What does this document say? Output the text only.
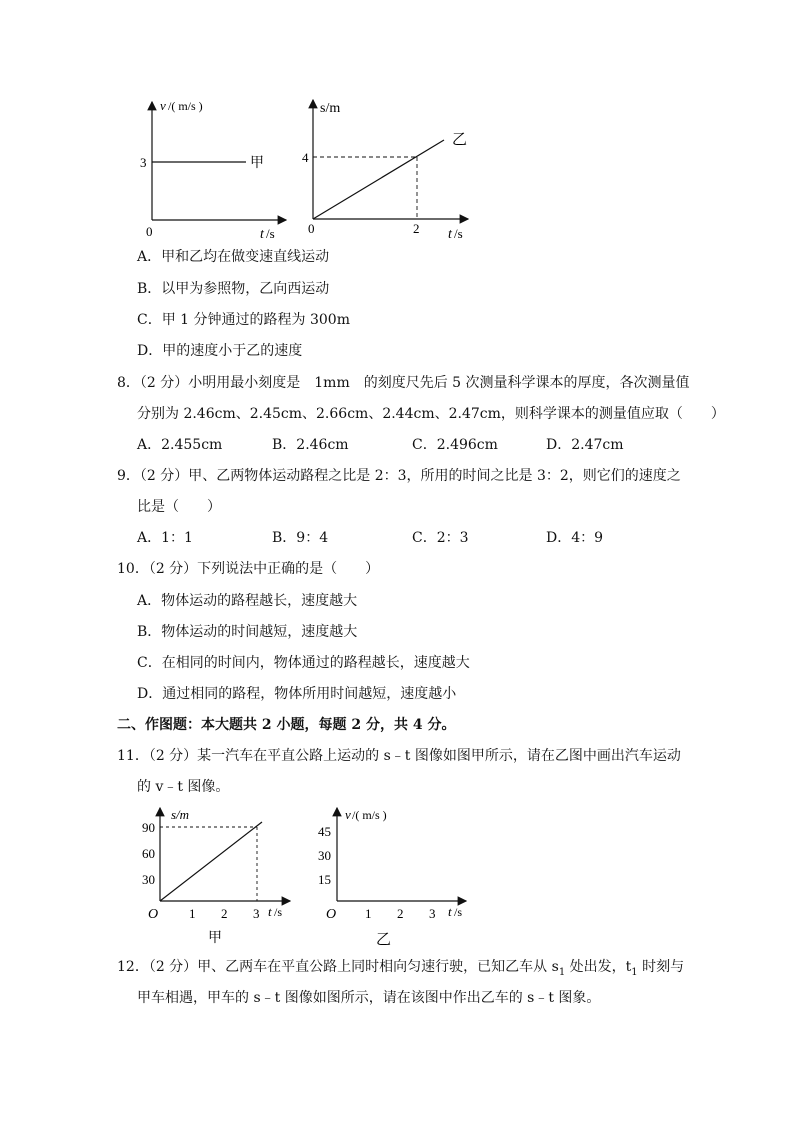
v /( m/s )
0
3	甲
t /s
s/m
4
乙
0	2 t /s
A．甲和乙均在做变速直线运动
B．以甲为参照物，乙向西运动
C．甲 1 分钟通过的路程为 300m
D．甲的速度小于乙的速度
8．（2 分）小明用最小刻度是　1mm　的刻度尺先后 5 次测量科学课本的厚度，各次测量值
分别为 2.46cm、2.45cm、2.66cm、2.44cm、2.47cm，则科学课本的测量值应取（　　）
A．2.455cm	B．2.46cm	C．2.496cm	D．2.47cm
9．（2 分）甲、乙两物体运动路程之比是 2：3，所用的时间之比是 3：2，则它们的速度之
比是（　　）
A．1：1	B．9：4	C．2：3	D．4：9
10．（2 分）下列说法中正确的是（　　）
A．物体运动的路程越长，速度越大
B．物体运动的时间越短，速度越大
C．在相同的时间内，物体通过的路程越长，速度越大
D．通过相同的路程，物体所用时间越短，速度越小
二、作图题：本大题共 2 小题，每题 2 分，共 4 分。
11．（2 分）某一汽车在平直公路上运动的 s﹣t 图像如图甲所示，请在乙图中画出汽车运动
的 v﹣t 图像。
s/m
90
60
30
O 1 2 3 t /s
甲
v /( m/s )
45
30
15
O 1 2 3 t /s
乙
12．（2 分）甲、乙两车在平直公路上同时相向匀速行驶，已知乙车从 $s_1$ 处出发，$t_1$ 时刻与
甲车相遇，甲车的 s﹣t 图像如图所示，请在该图中作出乙车的 s﹣t 图象。
